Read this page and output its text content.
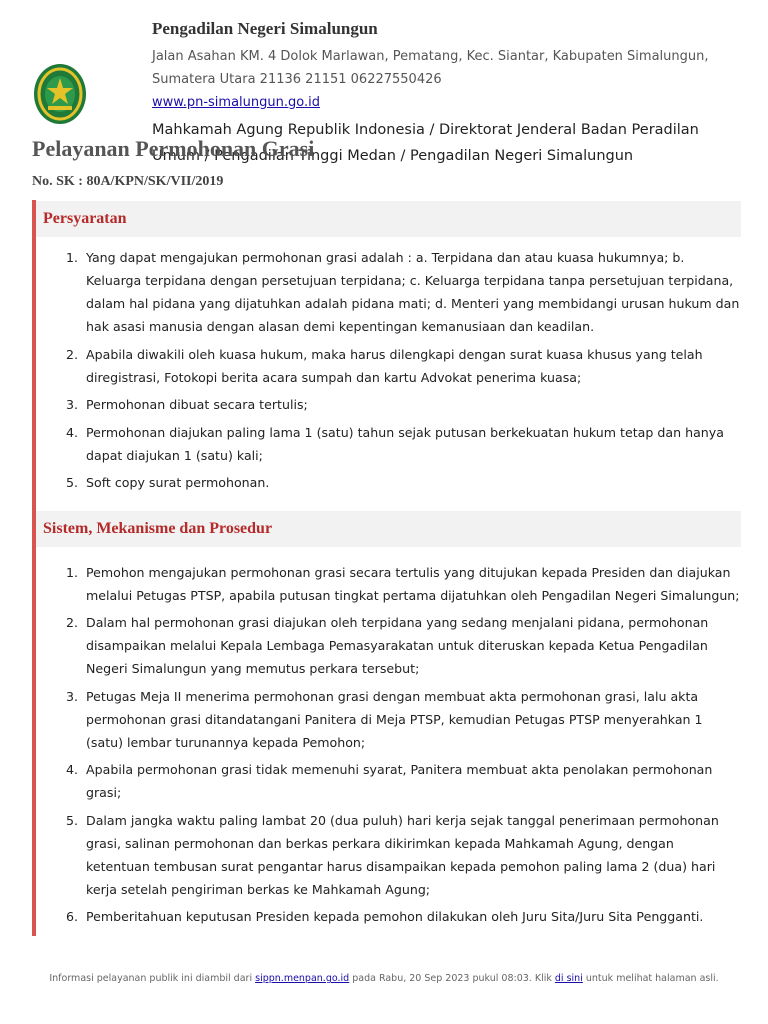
Pengadilan Negeri Simalungun
Jalan Asahan KM. 4 Dolok Marlawan, Pematang, Kec. Siantar, Kabupaten Simalungun,
Sumatera Utara 21136 21151 06227550426
www.pn-simalungun.go.id
Mahkamah Agung Republik Indonesia / Direktorat Jenderal Badan Peradilan Umum / Pengadilan Tinggi Medan / Pengadilan Negeri Simalungun
Pelayanan Permohonan Grasi
No. SK : 80A/KPN/SK/VII/2019
Persyaratan
1. Yang dapat mengajukan permohonan grasi adalah : a. Terpidana dan atau kuasa hukumnya; b. Keluarga terpidana dengan persetujuan terpidana; c. Keluarga terpidana tanpa persetujuan terpidana, dalam hal pidana yang dijatuhkan adalah pidana mati; d. Menteri yang membidangi urusan hukum dan hak asasi manusia dengan alasan demi kepentingan kemanusiaan dan keadilan.
2. Apabila diwakili oleh kuasa hukum, maka harus dilengkapi dengan surat kuasa khusus yang telah diregistrasi, Fotokopi berita acara sumpah dan kartu Advokat penerima kuasa;
3. Permohonan dibuat secara tertulis;
4. Permohonan diajukan paling lama 1 (satu) tahun sejak putusan berkekuatan hukum tetap dan hanya dapat diajukan 1 (satu) kali;
5. Soft copy surat permohonan.
Sistem, Mekanisme dan Prosedur
1. Pemohon mengajukan permohonan grasi secara tertulis yang ditujukan kepada Presiden dan diajukan melalui Petugas PTSP, apabila putusan tingkat pertama dijatuhkan oleh Pengadilan Negeri Simalungun;
2. Dalam hal permohonan grasi diajukan oleh terpidana yang sedang menjalani pidana, permohonan disampaikan melalui Kepala Lembaga Pemasyarakatan untuk diteruskan kepada Ketua Pengadilan Negeri Simalungun yang memutus perkara tersebut;
3. Petugas Meja II menerima permohonan grasi dengan membuat akta permohonan grasi, lalu akta permohonan grasi ditandatangani Panitera di Meja PTSP, kemudian Petugas PTSP menyerahkan 1 (satu) lembar turunannya kepada Pemohon;
4. Apabila permohonan grasi tidak memenuhi syarat, Panitera membuat akta penolakan permohonan grasi;
5. Dalam jangka waktu paling lambat 20 (dua puluh) hari kerja sejak tanggal penerimaan permohonan grasi, salinan permohonan dan berkas perkara dikirimkan kepada Mahkamah Agung, dengan ketentuan tembusan surat pengantar harus disampaikan kepada pemohon paling lama 2 (dua) hari kerja setelah pengiriman berkas ke Mahkamah Agung;
6. Pemberitahuan keputusan Presiden kepada pemohon dilakukan oleh Juru Sita/Juru Sita Pengganti.
Informasi pelayanan publik ini diambil dari sippn.menpan.go.id pada Rabu, 20 Sep 2023 pukul 08:03. Klik di sini untuk melihat halaman asli.
